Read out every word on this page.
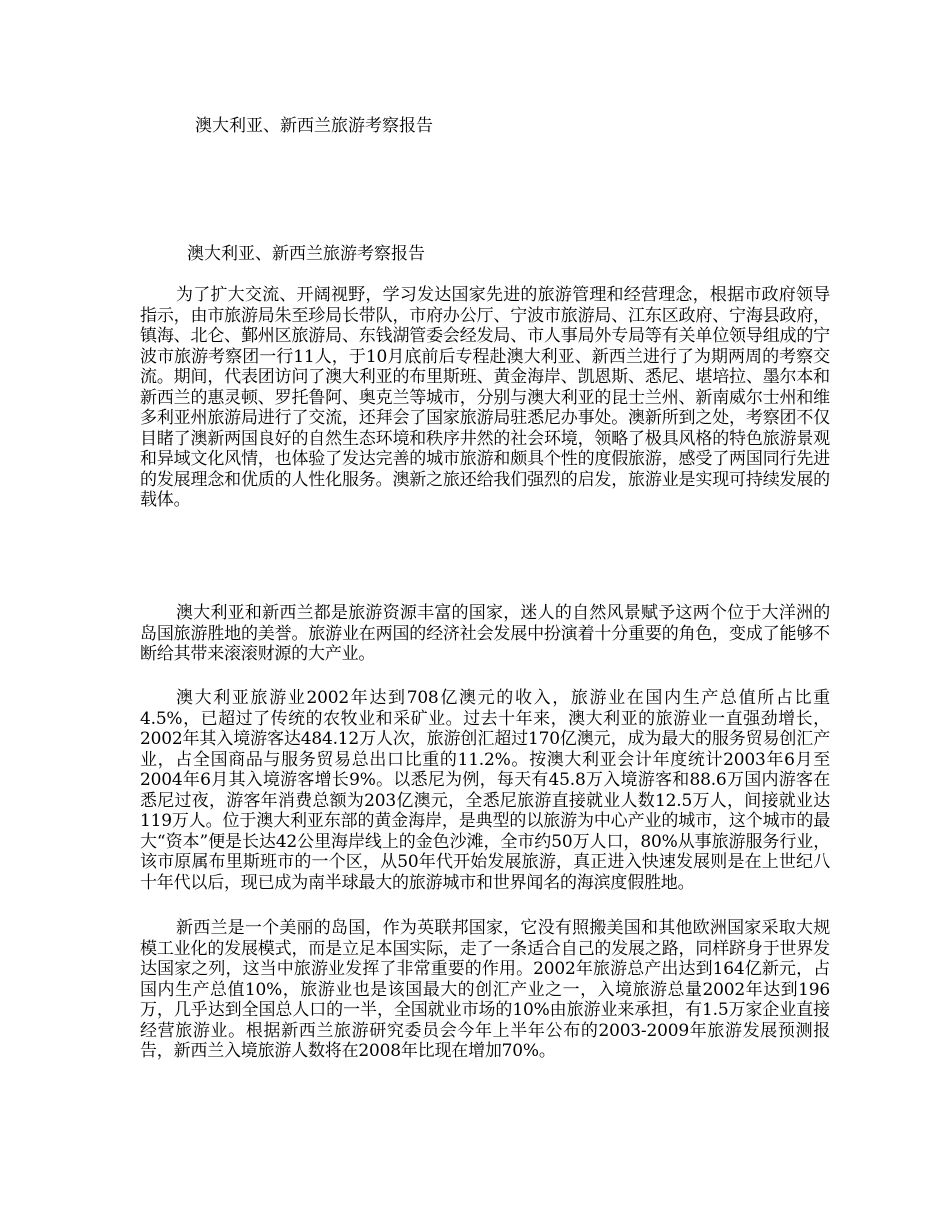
澳大利亚、新西兰旅游考察报告
澳大利亚、新西兰旅游考察报告

为了扩大交流、开阔视野，学习发达国家先进的旅游管理和经营理念，根据市政府领导指示，由市旅游局朱至珍局长带队，市府办公厅、宁波市旅游局、江东区政府、宁海县政府，镇海、北仑、鄞州区旅游局、东钱湖管委会经发局、市人事局外专局等有关单位领导组成的宁波市旅游考察团一行11人，于10月底前后专程赴澳大利亚、新西兰进行了为期两周的考察交流。期间，代表团访问了澳大利亚的布里斯班、黄金海岸、凯恩斯、悉尼、堪培拉、墨尔本和新西兰的惠灵顿、罗托鲁阿、奥克兰等城市，分别与澳大利亚的昆士兰州、新南威尔士州和维多利亚州旅游局进行了交流，还拜会了国家旅游局驻悉尼办事处。澳新所到之处，考察团不仅目睹了澳新两国良好的自然生态环境和秩序井然的社会环境，领略了极具风格的特色旅游景观和异域文化风情，也体验了发达完善的城市旅游和颇具个性的度假旅游，感受了两国同行先进的发展理念和优质的人性化服务。澳新之旅还给我们强烈的启发，旅游业是实现可持续发展的载体。

澳大利亚和新西兰都是旅游资源丰富的国家，迷人的自然风景赋予这两个位于大洋洲的岛国旅游胜地的美誉。旅游业在两国的经济社会发展中扮演着十分重要的角色，变成了能够不断给其带来滚滚财源的大产业。

澳大利亚旅游业2002年达到708亿澳元的收入，旅游业在国内生产总值所占比重4.5%，已超过了传统的农牧业和采矿业。过去十年来，澳大利亚的旅游业一直强劲增长，2002年其入境游客达484.12万人次，旅游创汇超过170亿澳元，成为最大的服务贸易创汇产业，占全国商品与服务贸易总出口比重的11.2%。按澳大利亚会计年度统计2003年6月至2004年6月其入境游客增长9%。以悉尼为例，每天有45.8万入境游客和88.6万国内游客在悉尼过夜，游客年消费总额为203亿澳元，全悉尼旅游直接就业人数12.5万人，间接就业达119万人。位于澳大利亚东部的黄金海岸，是典型的以旅游为中心产业的城市，这个城市的最大“资本”便是长达42公里海岸线上的金色沙滩，全市约50万人口，80%从事旅游服务行业，该市原属布里斯班市的一个区，从50年代开始发展旅游，真正进入快速发展则是在上世纪八十年代以后，现已成为南半球最大的旅游城市和世界闻名的海滨度假胜地。

新西兰是一个美丽的岛国，作为英联邦国家，它没有照搬美国和其他欧洲国家采取大规模工业化的发展模式，而是立足本国实际，走了一条适合自己的发展之路，同样跻身于世界发达国家之列，这当中旅游业发挥了非常重要的作用。2002年旅游总产出达到164亿新元，占国内生产总值10%，旅游业也是该国最大的创汇产业之一，入境旅游总量2002年达到196万，几乎达到全国总人口的一半，全国就业市场的10%由旅游业来承担，有1.5万家企业直接经营旅游业。根据新西兰旅游研究委员会今年上半年公布的2003-2009年旅游发展预测报告，新西兰入境旅游人数将在2008年比现在增加70%。
